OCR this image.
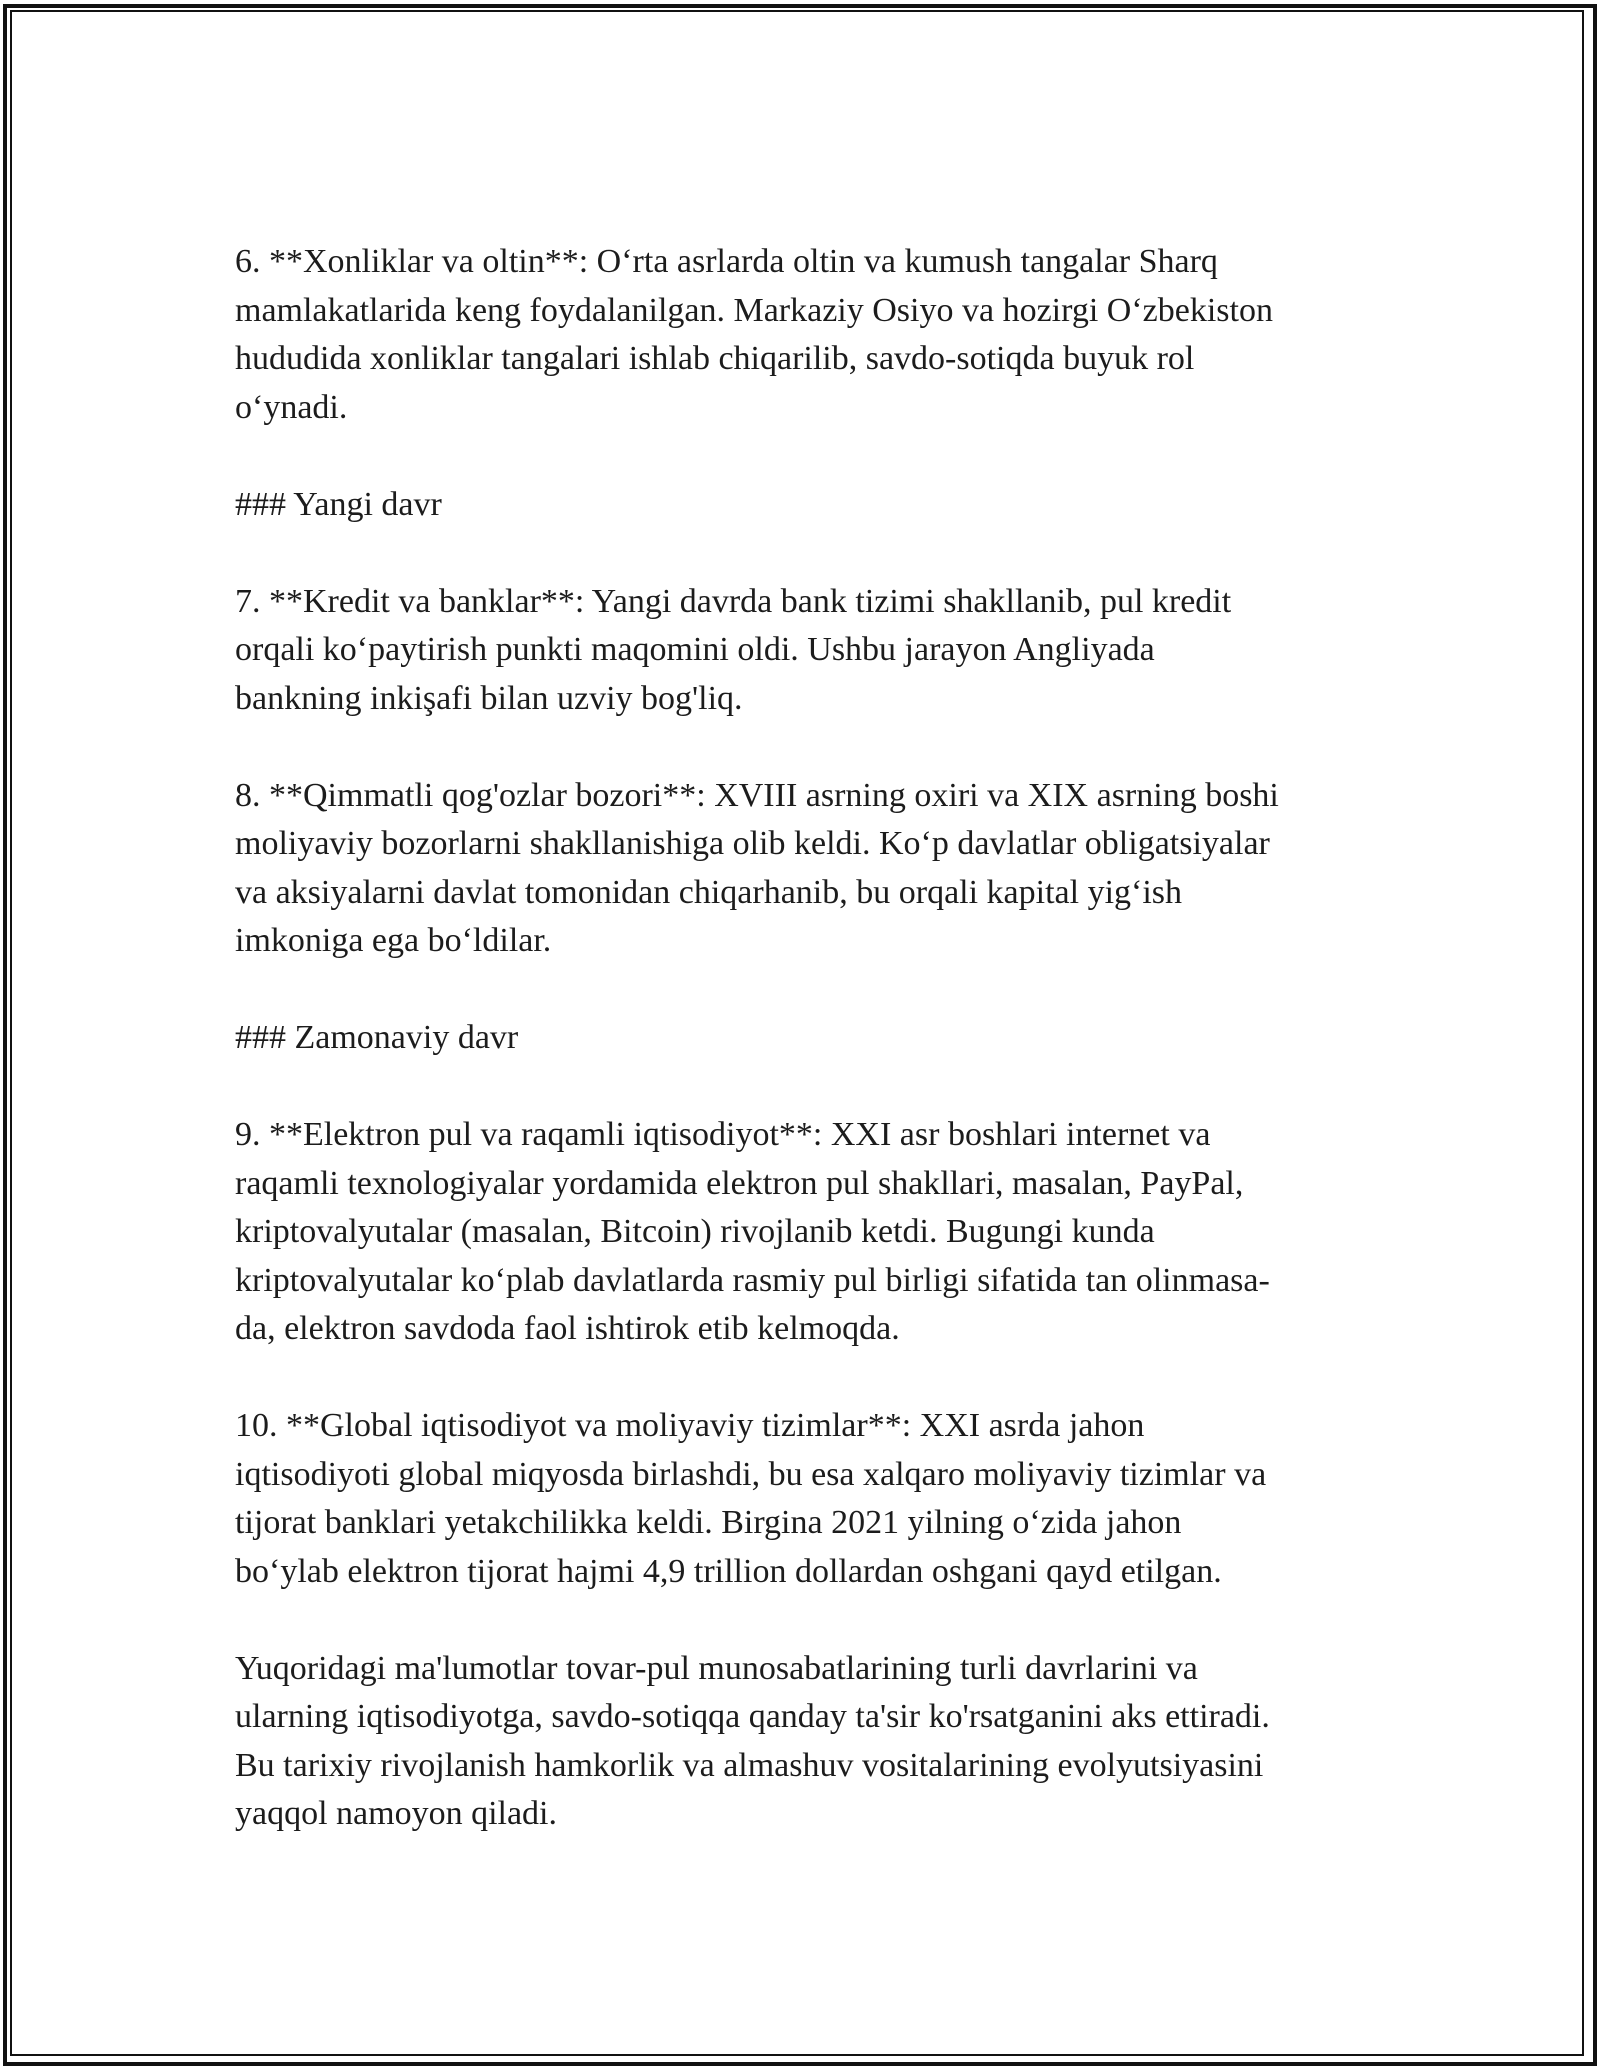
6. **Xonliklar va oltin**: O‘rta asrlarda oltin va kumush tangalar Sharq
mamlakatlarida keng foydalanilgan. Markaziy Osiyo va hozirgi O‘zbekiston
hududida xonliklar tangalari ishlab chiqarilib, savdo-sotiqda buyuk rol
o‘ynadi.

### Yangi davr

7. **Kredit va banklar**: Yangi davrda bank tizimi shakllanib, pul kredit
orqali ko‘paytirish punkti maqomini oldi. Ushbu jarayon Angliyada
bankning inkişafi bilan uzviy bog'liq.

8. **Qimmatli qog'ozlar bozori**: XVIII asrning oxiri va XIX asrning boshi
moliyaviy bozorlarni shakllanishiga olib keldi. Ko‘p davlatlar obligatsiyalar
va aksiyalarni davlat tomonidan chiqarhanib, bu orqali kapital yig‘ish
imkoniga ega bo‘ldilar.

### Zamonaviy davr

9. **Elektron pul va raqamli iqtisodiyot**: XXI asr boshlari internet va
raqamli texnologiyalar yordamida elektron pul shakllari, masalan, PayPal,
kriptovalyutalar (masalan, Bitcoin) rivojlanib ketdi. Bugungi kunda
kriptovalyutalar ko‘plab davlatlarda rasmiy pul birligi sifatida tan olinmasa-
da, elektron savdoda faol ishtirok etib kelmoqda.

10. **Global iqtisodiyot va moliyaviy tizimlar**: XXI asrda jahon
iqtisodiyoti global miqyosda birlashdi, bu esa xalqaro moliyaviy tizimlar va
tijorat banklari yetakchilikka keldi. Birgina 2021 yilning o‘zida jahon
bo‘ylab elektron tijorat hajmi 4,9 trillion dollardan oshgani qayd etilgan.

Yuqoridagi ma'lumotlar tovar-pul munosabatlarining turli davrlarini va
ularning iqtisodiyotga, savdo-sotiqqa qanday ta'sir ko'rsatganini aks ettiradi.
Bu tarixiy rivojlanish hamkorlik va almashuv vositalarining evolyutsiyasini
yaqqol namoyon qiladi.
